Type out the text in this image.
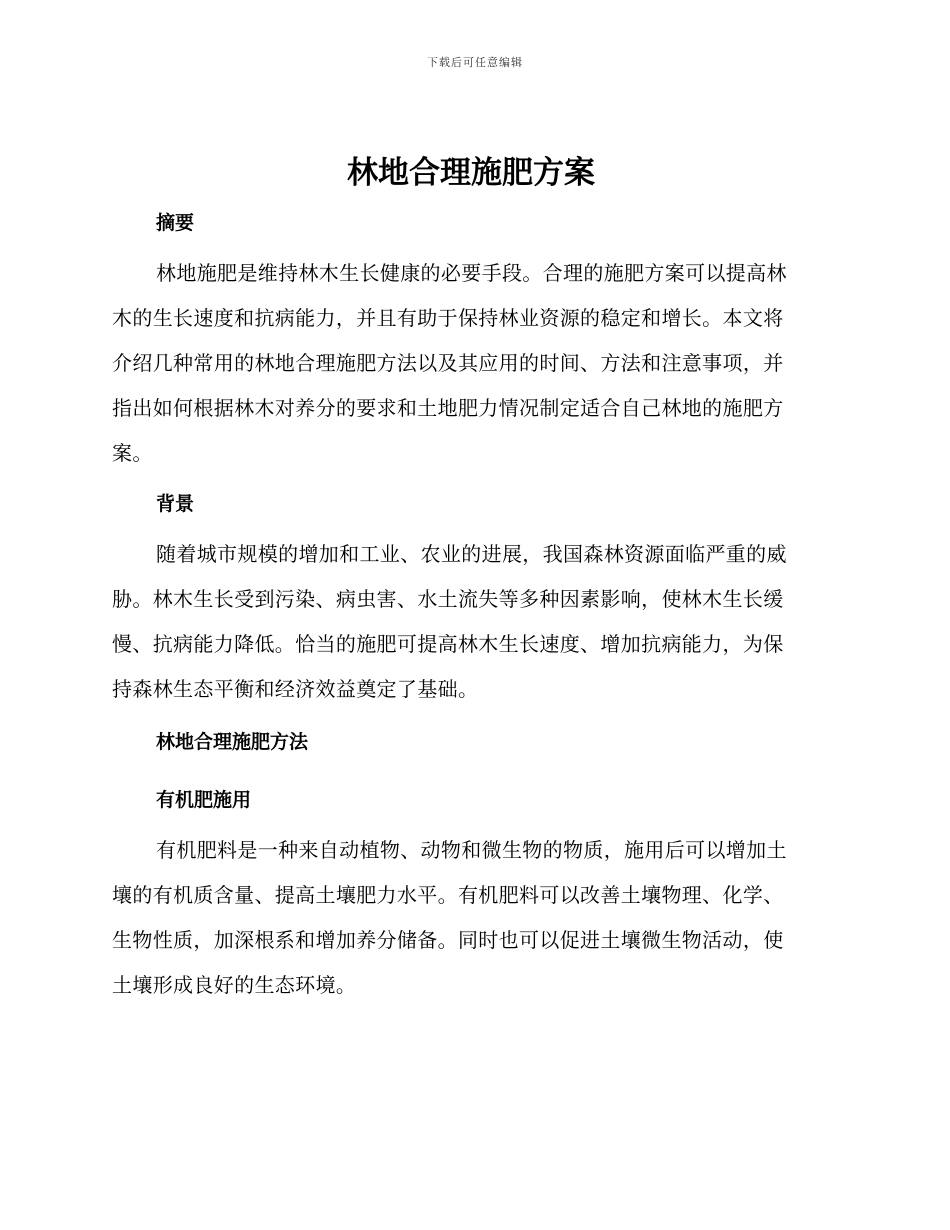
下载后可任意编辑
林地合理施肥方案
摘要
林地施肥是维持林木生长健康的必要手段。合理的施肥方案可以提高林
木的生长速度和抗病能力，并且有助于保持林业资源的稳定和增长。本文将
介绍几种常用的林地合理施肥方法以及其应用的时间、方法和注意事项，并
指出如何根据林木对养分的要求和土地肥力情况制定适合自己林地的施肥方
案。
背景
随着城市规模的增加和工业、农业的进展，我国森林资源面临严重的威
胁。林木生长受到污染、病虫害、水土流失等多种因素影响，使林木生长缓
慢、抗病能力降低。恰当的施肥可提高林木生长速度、增加抗病能力，为保
持森林生态平衡和经济效益奠定了基础。
林地合理施肥方法
有机肥施用
有机肥料是一种来自动植物、动物和微生物的物质，施用后可以增加土
壤的有机质含量、提高土壤肥力水平。有机肥料可以改善土壤物理、化学、
生物性质，加深根系和增加养分储备。同时也可以促进土壤微生物活动，使
土壤形成良好的生态环境。
